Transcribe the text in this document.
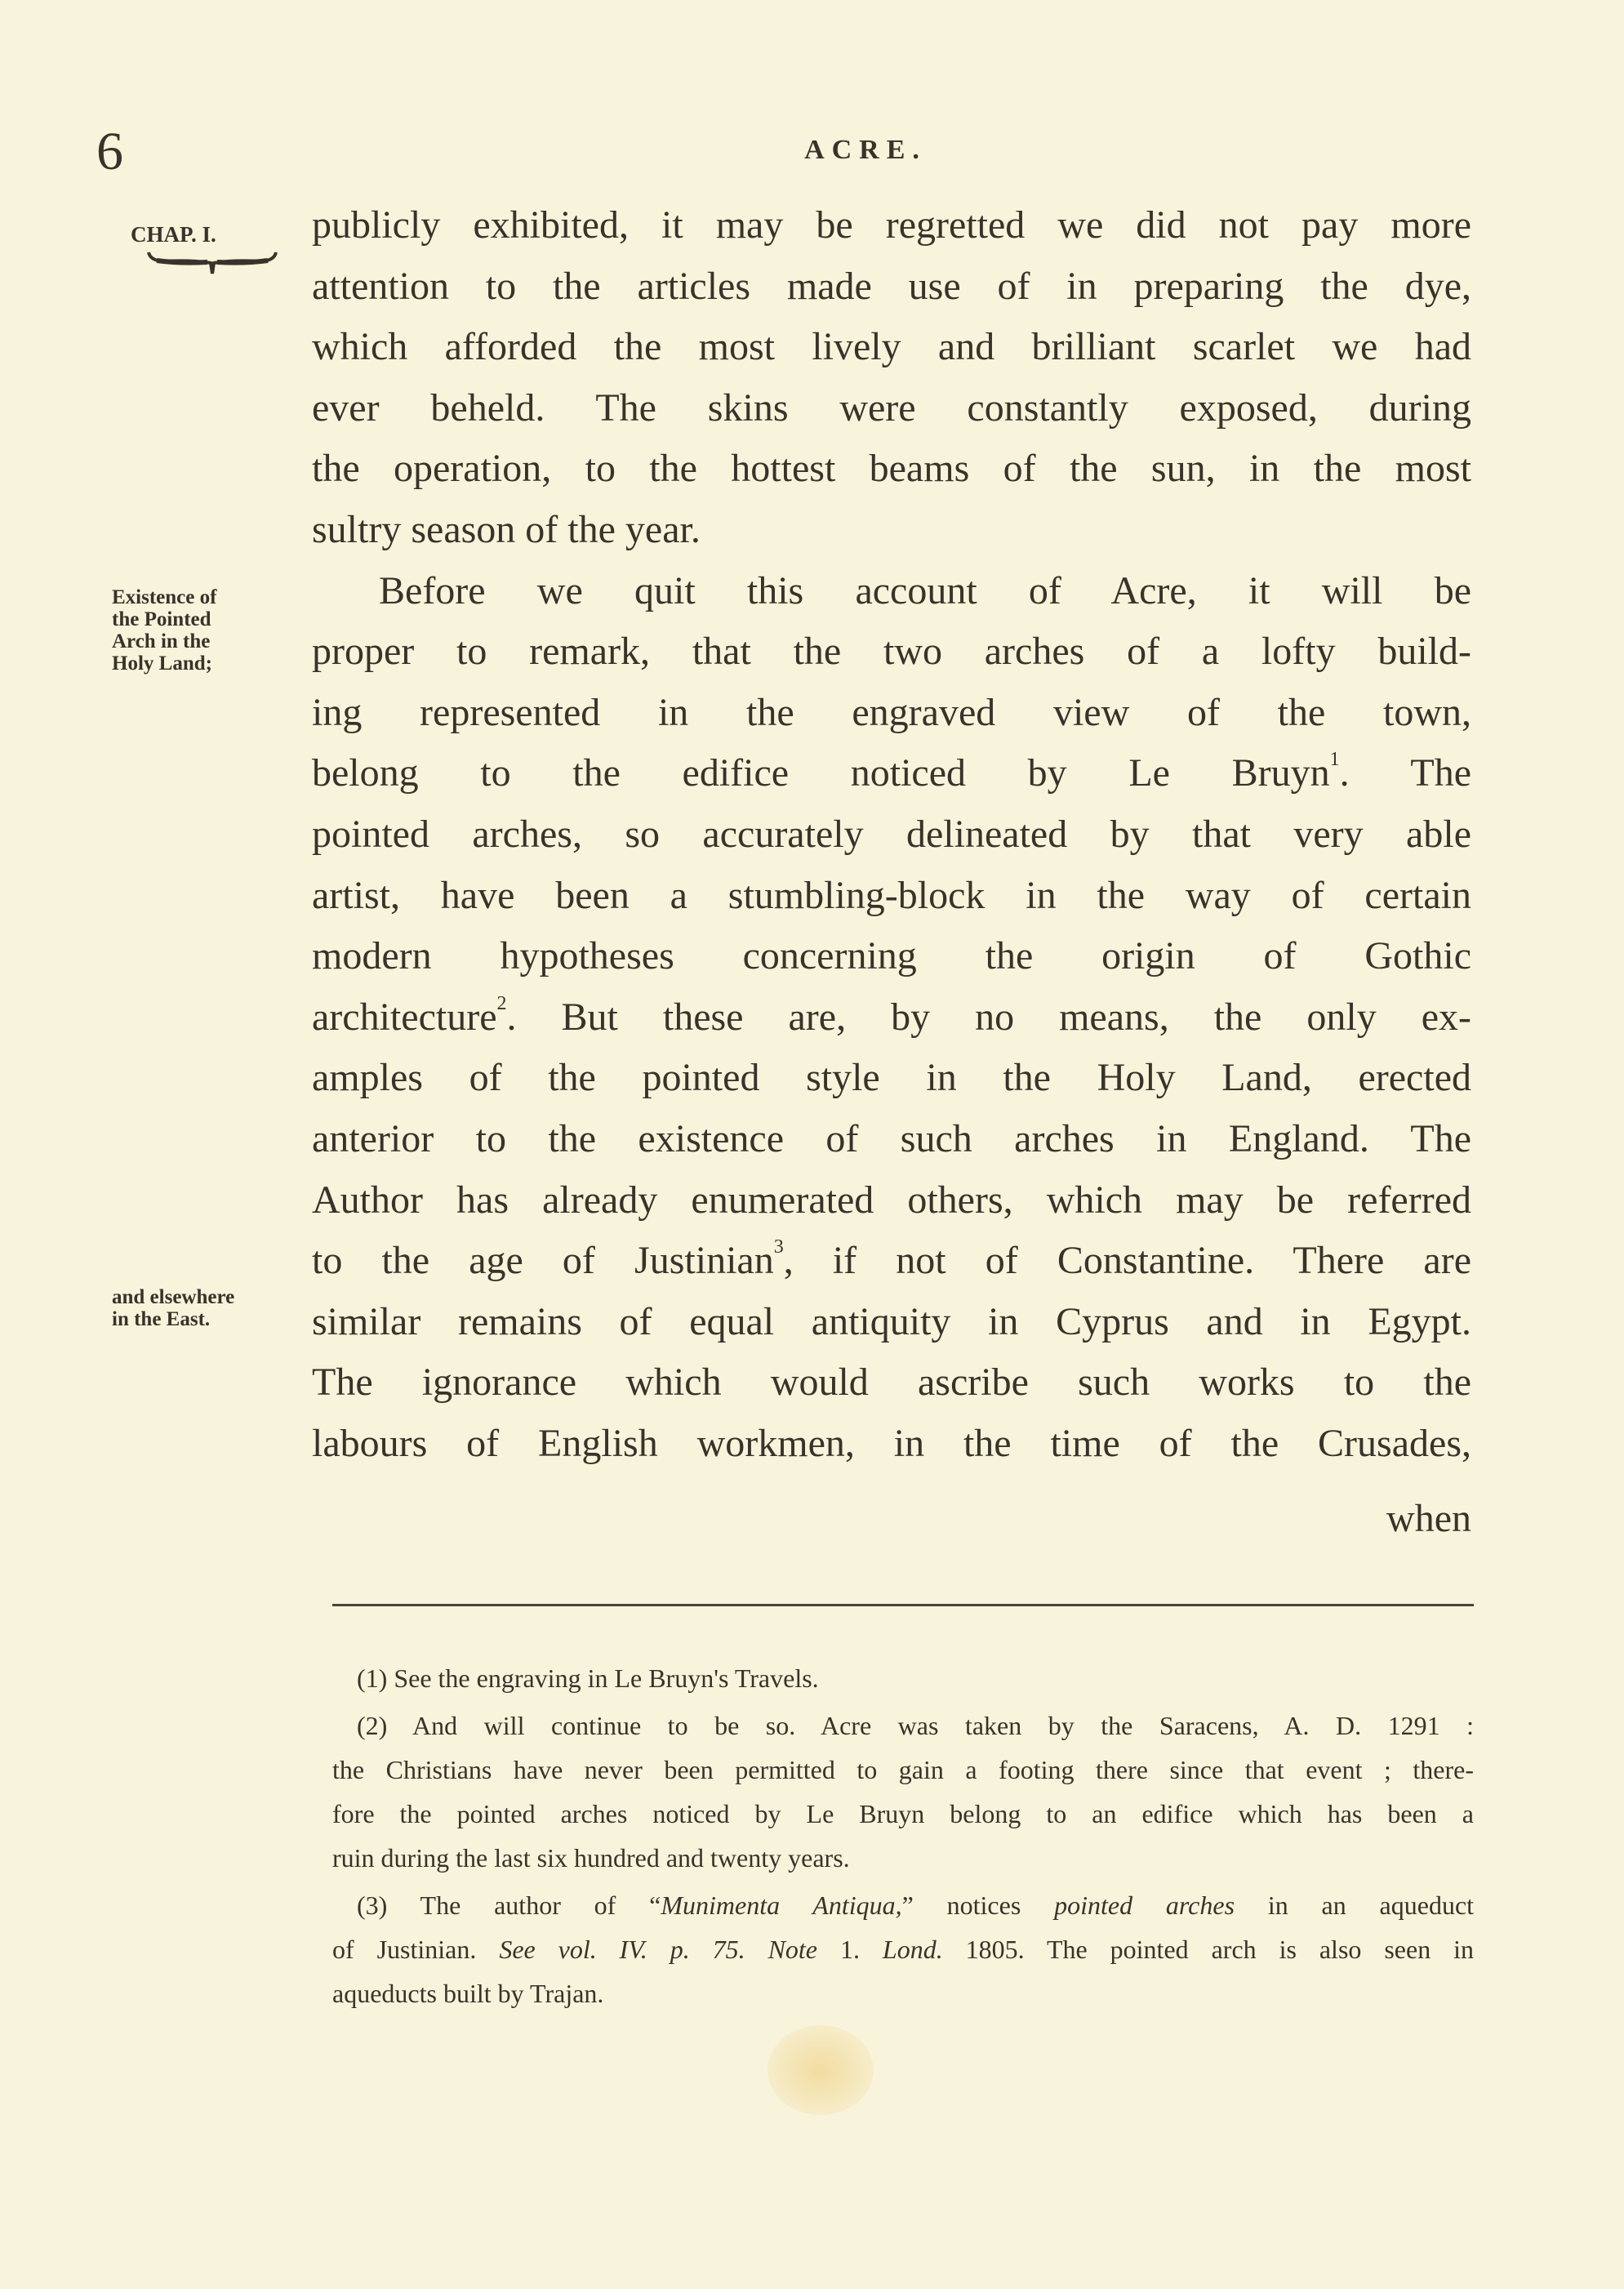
6	ACRE.
CHAP. I.
Existence of
the Pointed
Arch in the
Holy Land;
and elsewhere
in the East.
publicly exhibited, it may be regretted we did not pay more
attention to the articles made use of in preparing the dye,
which afforded the most lively and brilliant scarlet we had
ever beheld. The skins were constantly exposed, during
the operation, to the hottest beams of the sun, in the most
sultry season of the year.
Before we quit this account of Acre, it will be
proper to remark, that the two arches of a lofty build-
ing represented in the engraved view of the town,
belong to the edifice noticed by Le Bruyn$^1$. The
pointed arches, so accurately delineated by that very able
artist, have been a stumbling-block in the way of certain
modern hypotheses concerning the origin of Gothic
architecture$^2$. But these are, by no means, the only ex-
amples of the pointed style in the Holy Land, erected
anterior to the existence of such arches in England. The
Author has already enumerated others, which may be referred
to the age of Justinian$^3$, if not of Constantine. There are
similar remains of equal antiquity in Cyprus and in Egypt.
The ignorance which would ascribe such works to the
labours of English workmen, in the time of the Crusades,
when
(1) See the engraving in Le Bruyn's Travels.
(2) And will continue to be so. Acre was taken by the Saracens, A. D. 1291 :
the Christians have never been permitted to gain a footing there since that event ; there-
fore the pointed arches noticed by Le Bruyn belong to an edifice which has been a
ruin during the last six hundred and twenty years.
(3) The author of “Munimenta Antiqua,” notices pointed arches in an aqueduct
of Justinian. See vol. IV. p. 75. Note 1. Lond. 1805. The pointed arch is also seen in
aqueducts built by Trajan.
